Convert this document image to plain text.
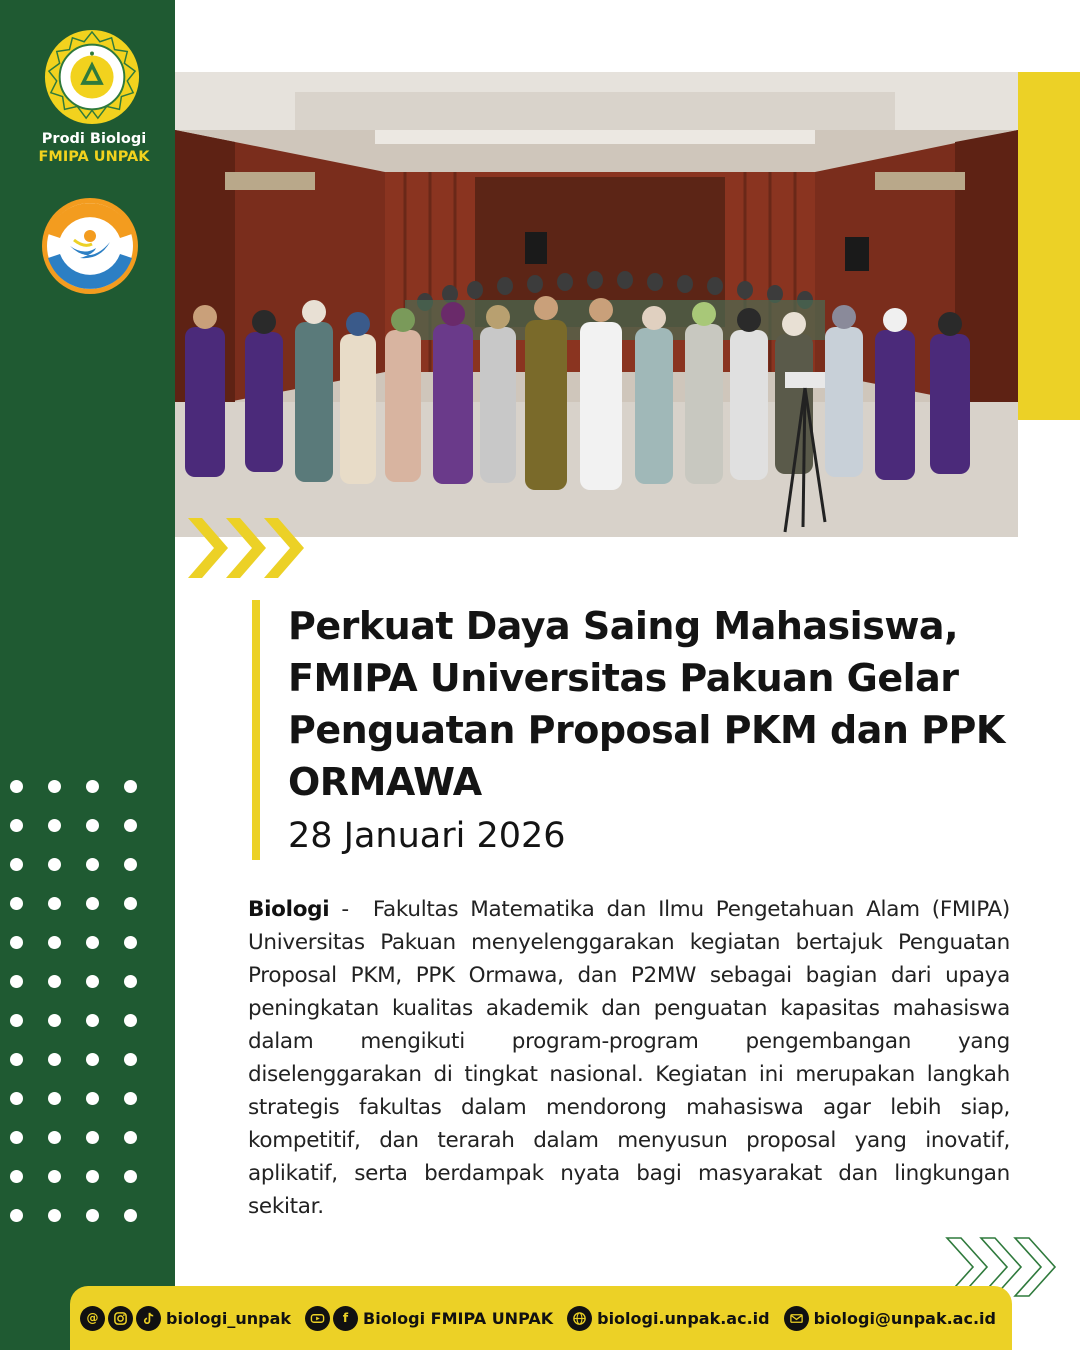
Prodi Biologi
FMIPA UNPAK
Perkuat Daya Saing Mahasiswa, FMIPA Universitas Pakuan Gelar Penguatan Proposal PKM dan PPK ORMAWA
28 Januari 2026

Biologi -  Fakultas Matematika dan Ilmu Pengetahuan Alam (FMIPA) Universitas Pakuan menyelenggarakan kegiatan bertajuk Penguatan Proposal PKM, PPK Ormawa, dan P2MW sebagai bagian dari upaya peningkatan kualitas akademik dan penguatan kapasitas mahasiswa dalam mengikuti program-program pengembangan yang diselenggarakan di tingkat nasional. Kegiatan ini merupakan langkah strategis fakultas dalam mendorong mahasiswa agar lebih siap, kompetitif, dan terarah dalam menyusun proposal yang inovatif, aplikatif, serta berdampak nyata bagi masyarakat dan lingkungan sekitar.

@	biologi_unpak	f Biologi FMIPA UNPAK	biologi.unpak.ac.id	biologi@unpak.ac.id
